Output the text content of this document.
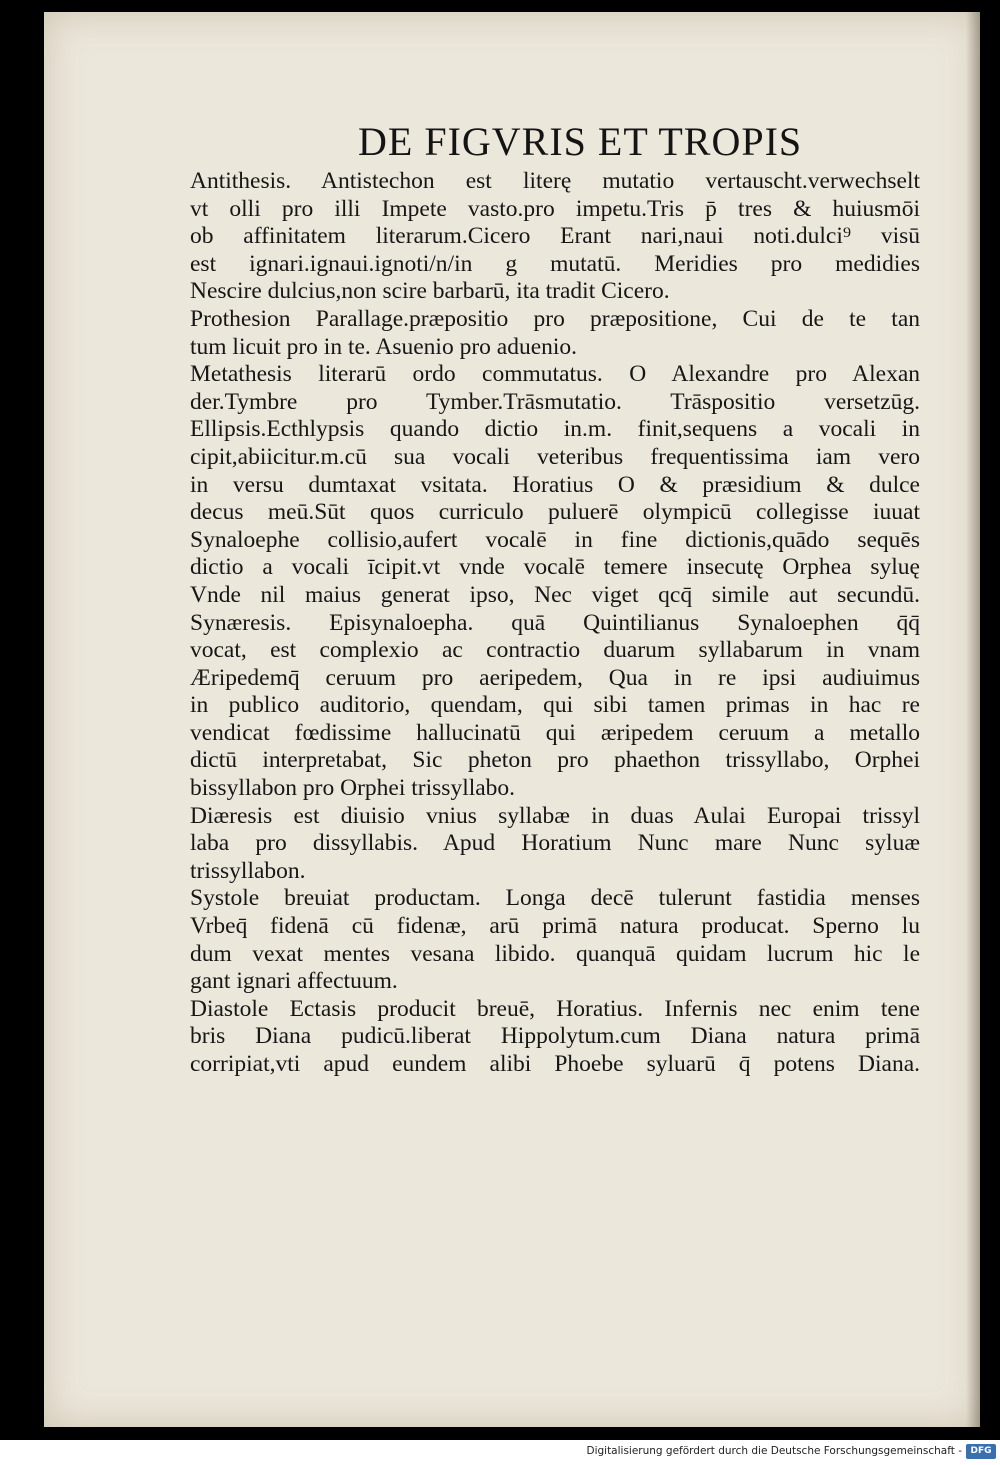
DE FIGVRIS ET TROPIS
Antithesis. Antistechon est literę mutatio vertauscht.verwechselt
vt olli pro illi Impete vasto.pro impetu.Tris p̄ tres & huiusmōi
ob affinitatem literarum.Cicero Erant nari,naui noti.dulci⁹ visū
est ignari.ignaui.ignoti/n/in g mutatū. Meridies pro medidies
Nescire dulcius,non scire barbarū, ita tradit Cicero.
Prothesion Parallage.præpositio pro præpositione, Cui de te tan
tum licuit pro in te. Asuenio pro aduenio.
Metathesis literarū ordo commutatus. O Alexandre pro Alexan
der.Tymbre pro Tymber.Trāsmutatio. Trāspositio versetzūg.
Ellipsis.Ecthlypsis quando dictio in.m. finit,sequens a vocali in
cipit,abiicitur.m.cū sua vocali veteribus frequentissima iam vero
in versu dumtaxat vsitata. Horatius O & præsidium & dulce
decus meū.Sūt quos curriculo puluerē olympicū collegisse iuuat
Synaloephe collisio,aufert vocalē in fine dictionis,quādo sequēs
dictio a vocali īcipit.vt vnde vocalē temere insecutę Orphea syluę
Vnde nil maius generat ipso, Nec viget qcq̄ simile aut secundū.
Synæresis. Episynaloepha. quā Quintilianus Synaloephen q̄q̄
vocat, est complexio ac contractio duarum syllabarum in vnam
Æripedemq̄ ceruum pro aeripedem, Qua in re ipsi audiuimus
in publico auditorio, quendam, qui sibi tamen primas in hac re
vendicat fœdissime hallucinatū qui æripedem ceruum a metallo
dictū interpretabat, Sic pheton pro phaethon trissyllabo, Orphei
bissyllabon pro Orphei trissyllabo.
Diæresis est diuisio vnius syllabæ in duas Aulai Europai trissyl
laba pro dissyllabis. Apud Horatium Nunc mare Nunc syluæ
trissyllabon.
Systole breuiat productam. Longa decē tulerunt fastidia menses
Vrbeq̄ fidenā cū fidenæ, arū primā natura producat. Sperno lu
dum vexat mentes vesana libido. quanquā quidam lucrum hic le
gant ignari affectuum.
Diastole Ectasis producit breuē, Horatius. Infernis nec enim tene
bris Diana pudicū.liberat Hippolytum.cum Diana natura primā
corripiat,vti apud eundem alibi Phoebe syluarū q̄ potens Diana.
Digitalisierung gefördert durch die Deutsche Forschungsgemeinschaft - DFG
